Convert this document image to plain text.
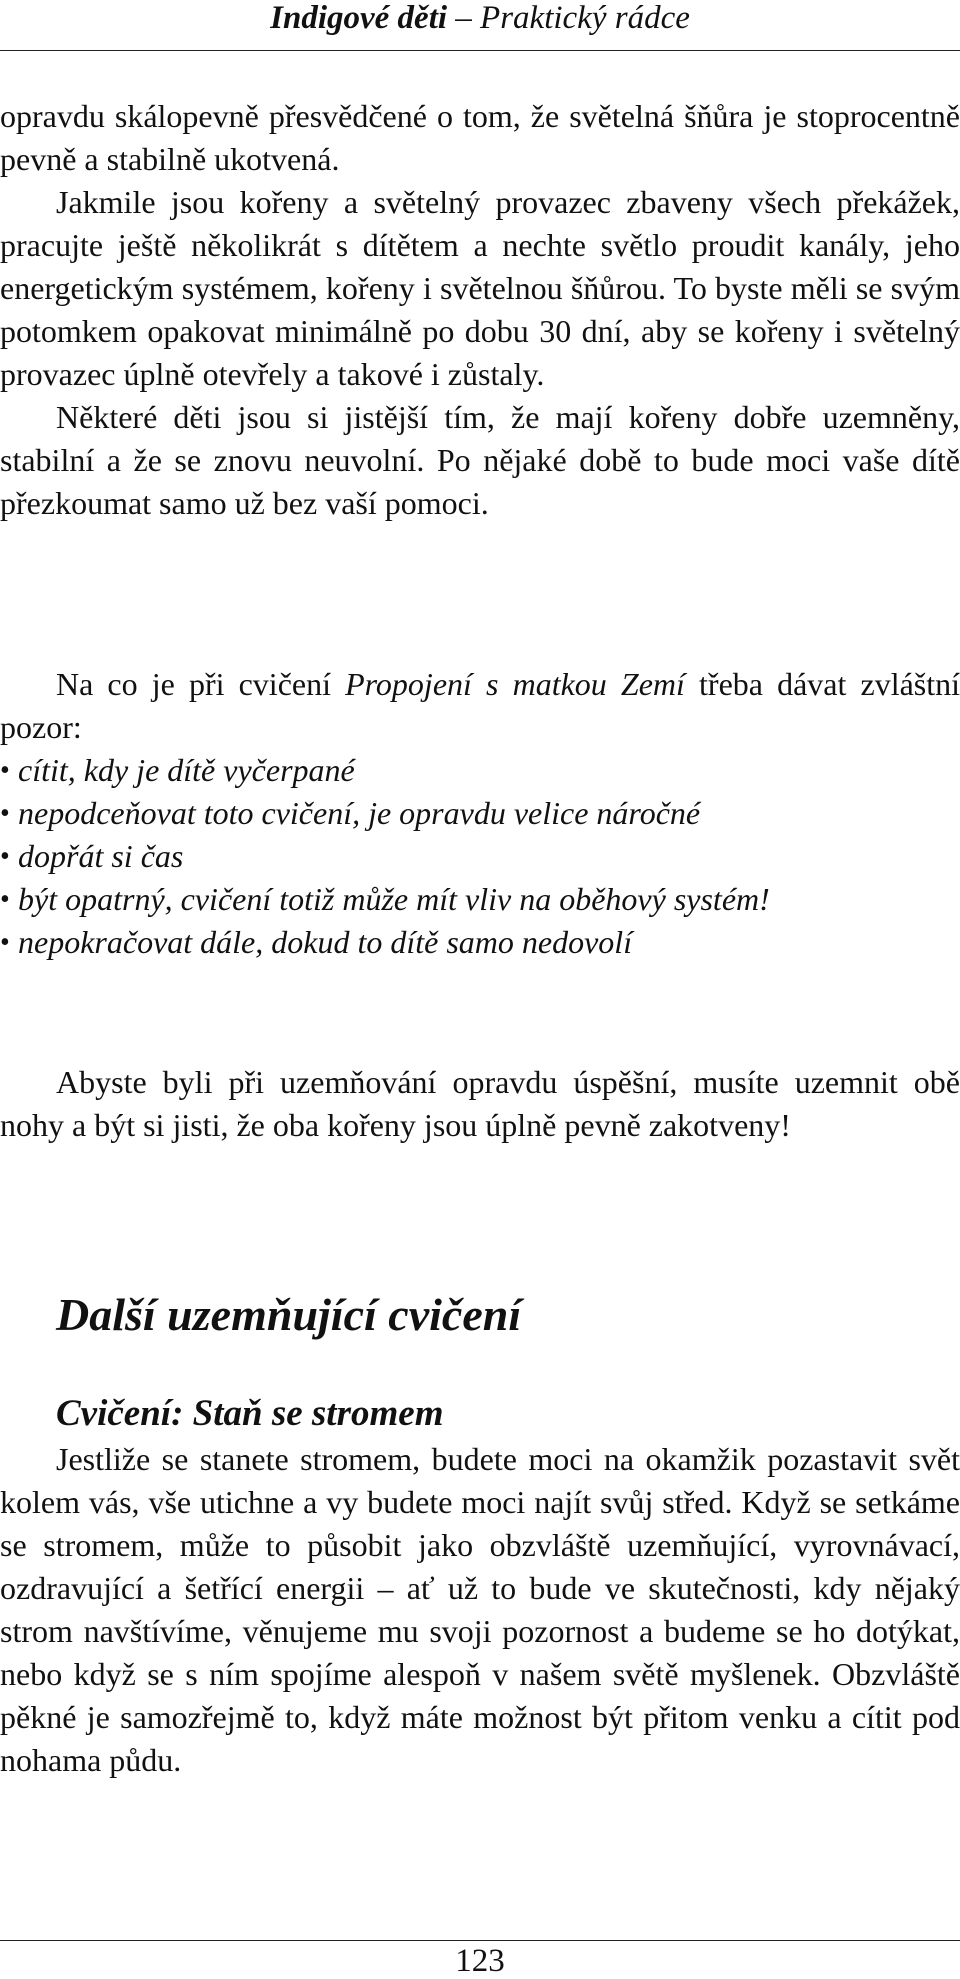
Indigové děti – Praktický rádce

opravdu skálopevně přesvědčené o tom, že světelná šňůra je stoprocentně pevně a stabilně ukotvená.

Jakmile jsou kořeny a světelný provazec zbaveny všech překážek, pracujte ještě několikrát s dítětem a nechte světlo proudit kanály, jeho energetickým systémem, kořeny i světelnou šňůrou. To byste měli se svým potomkem opakovat minimálně po dobu 30 dní, aby se kořeny i světelný provazec úplně otevřely a takové i zůstaly.

Některé děti jsou si jistější tím, že mají kořeny dobře uzemněny, stabilní a že se znovu neuvolní. Po nějaké době to bude moci vaše dítě přezkoumat samo už bez vaší pomoci.

Na co je při cvičení Propojení s matkou Zemí třeba dávat zvláštní pozor:

• cítit, kdy je dítě vyčerpané
• nepodceňovat toto cvičení, je opravdu velice náročné
• dopřát si čas
• být opatrný, cvičení totiž může mít vliv na oběhový systém!
• nepokračovat dále, dokud to dítě samo nedovolí

Abyste byli při uzemňování opravdu úspěšní, musíte uzemnit obě nohy a být si jisti, že oba kořeny jsou úplně pevně zakotveny!

Další uzemňující cvičení
Cvičení: Staň se stromem

Jestliže se stanete stromem, budete moci na okamžik pozastavit svět kolem vás, vše utichne a vy budete moci najít svůj střed. Když se setkáme se stromem, může to působit jako obzvláště uzemňující, vyrovnávací, ozdravující a šetřící energii – ať už to bude ve skutečnosti, kdy nějaký strom navštívíme, věnujeme mu svoji pozornost a budeme se ho dotýkat, nebo když se s ním spojíme alespoň v našem světě myšlenek. Obzvláště pěkné je samozřejmě to, když máte možnost být přitom venku a cítit pod nohama půdu.

123
